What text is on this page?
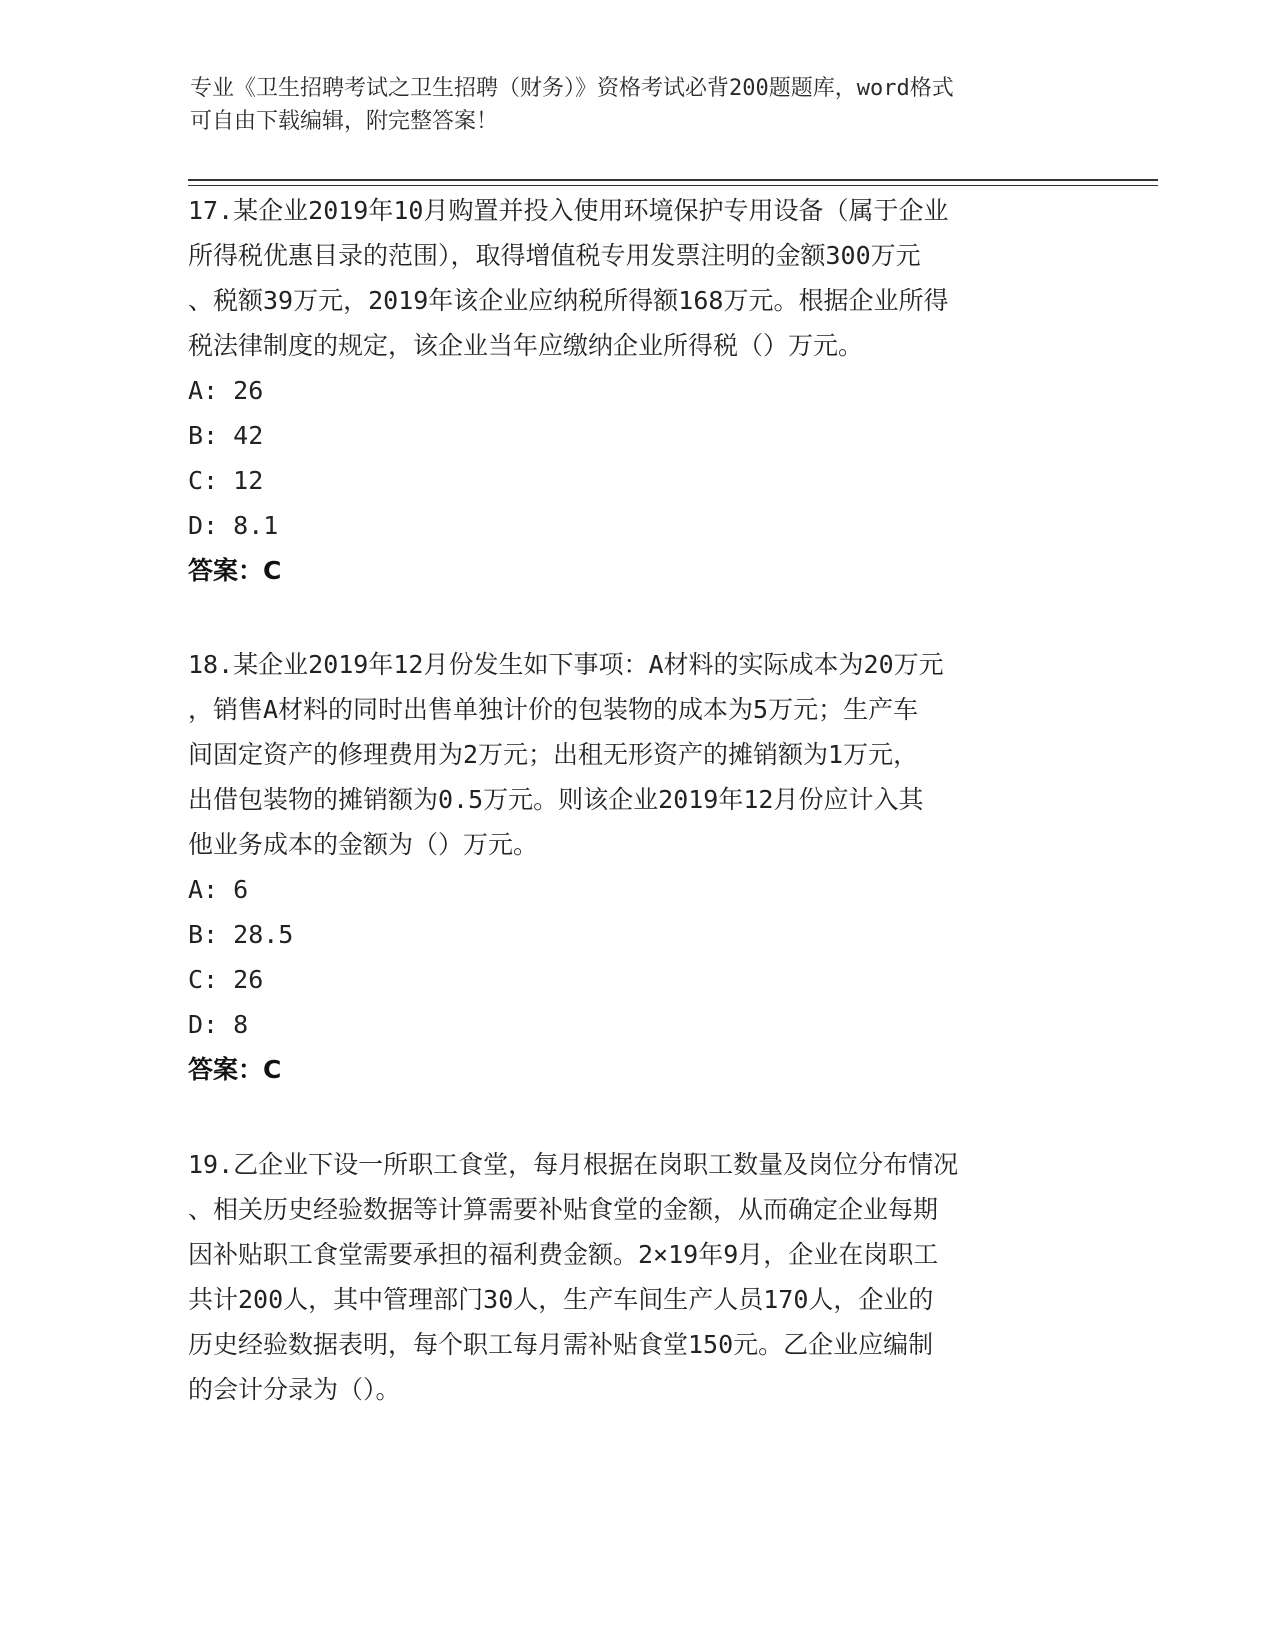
专业《卫生招聘考试之卫生招聘（财务）》资格考试必背200题题库，word格式
可自由下载编辑，附完整答案！
17.某企业2019年10月购置并投入使用环境保护专用设备（属于企业
所得税优惠目录的范围），取得增值税专用发票注明的金额300万元
、税额39万元，2019年该企业应纳税所得额168万元。根据企业所得
税法律制度的规定，该企业当年应缴纳企业所得税（）万元。
A: 26
B: 42
C: 12
D: 8.1
答案：C
18.某企业2019年12月份发生如下事项：A材料的实际成本为20万元
，销售A材料的同时出售单独计价的包装物的成本为5万元；生产车
间固定资产的修理费用为2万元；出租无形资产的摊销额为1万元，
出借包装物的摊销额为0.5万元。则该企业2019年12月份应计入其
他业务成本的金额为（）万元。
A: 6
B: 28.5
C: 26
D: 8
答案：C
19.乙企业下设一所职工食堂，每月根据在岗职工数量及岗位分布情况
、相关历史经验数据等计算需要补贴食堂的金额，从而确定企业每期
因补贴职工食堂需要承担的福利费金额。2×19年9月，企业在岗职工
共计200人，其中管理部门30人，生产车间生产人员170人，企业的
历史经验数据表明，每个职工每月需补贴食堂150元。乙企业应编制
的会计分录为（）。
